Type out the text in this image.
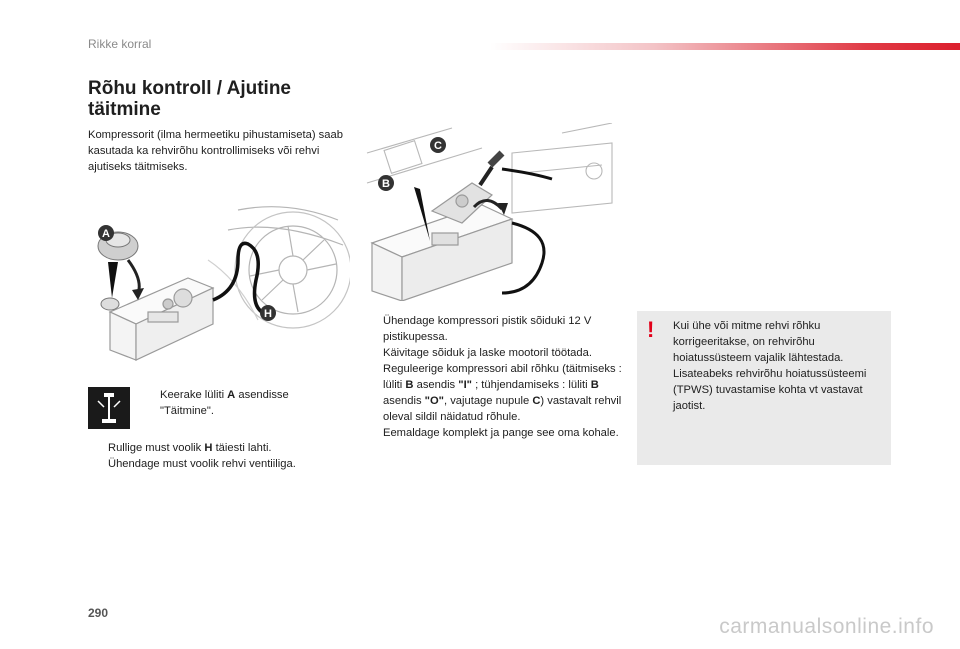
Rikke korral
Rõhu kontroll / Ajutine täitmine

Kompressorit (ilma hermeetiku pihustamiseta) saab kasutada ka rehvirõhu kontrollimiseks või rehvi ajutiseks täitmiseks.

A
H
B
C
Keerake lüliti A asendisse "Täitmine".
Rullige must voolik H täiesti lahti.
Ühendage must voolik rehvi ventiiliga.
Ühendage kompressori pistik sõiduki 12 V pistikupessa.
Käivitage sõiduk ja laske mootoril töötada.
Reguleerige kompressori abil rõhku (täitmiseks : lüliti B asendis "I" ; tühjendamiseks : lüliti B asendis "O", vajutage nupule C) vastavalt rehvil oleval sildil näidatud rõhule.
Eemaldage komplekt ja pange see oma kohale.
! Kui ühe või mitme rehvi rõhku korrigeeritakse, on rehvirõhu hoiatussüsteem vajalik lähtestada. Lisateabeks rehvirõhu hoiatussüsteemi (TPWS) tuvastamise kohta vt vastavat jaotist.

290
carmanualsonline.info
